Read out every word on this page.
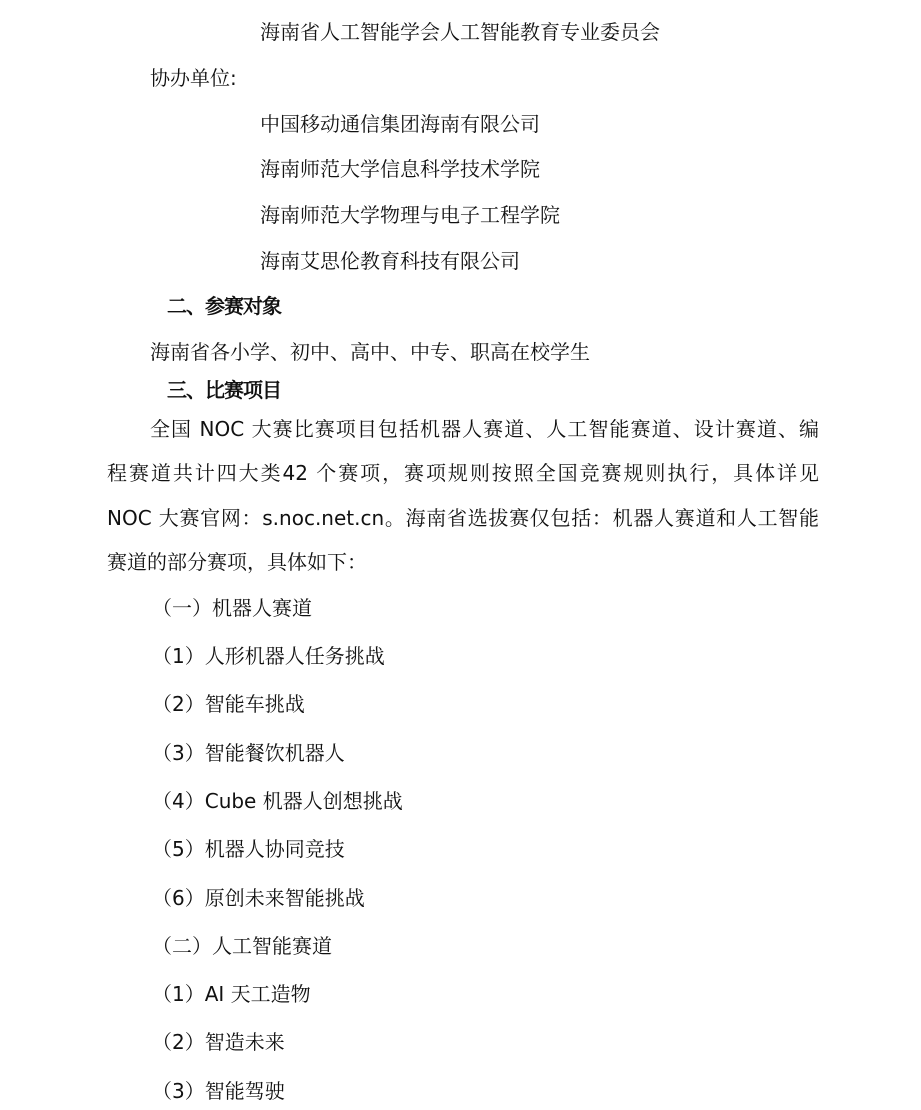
海南省人工智能学会人工智能教育专业委员会
协办单位:
中国移动通信集团海南有限公司
海南师范大学信息科学技术学院
海南师范大学物理与电子工程学院
海南艾思伦教育科技有限公司
二、参赛对象
海南省各小学、初中、高中、中专、职高在校学生
三、比赛项目
全国 NOC 大赛比赛项目包括机器人赛道、人工智能赛道、设计赛道、编
程赛道共计四大类42 个赛项，赛项规则按照全国竞赛规则执行，具体详见
NOC 大赛官网：s.noc.net.cn。海南省选拔赛仅包括：机器人赛道和人工智能
赛道的部分赛项，具体如下：
（一）机器人赛道
（1）人形机器人任务挑战
（2）智能车挑战
（3）智能餐饮机器人
（4）Cube 机器人创想挑战
（5）机器人协同竞技
（6）原创未来智能挑战
（二）人工智能赛道
（1）AI 天工造物
（2）智造未来
（3）智能驾驶
